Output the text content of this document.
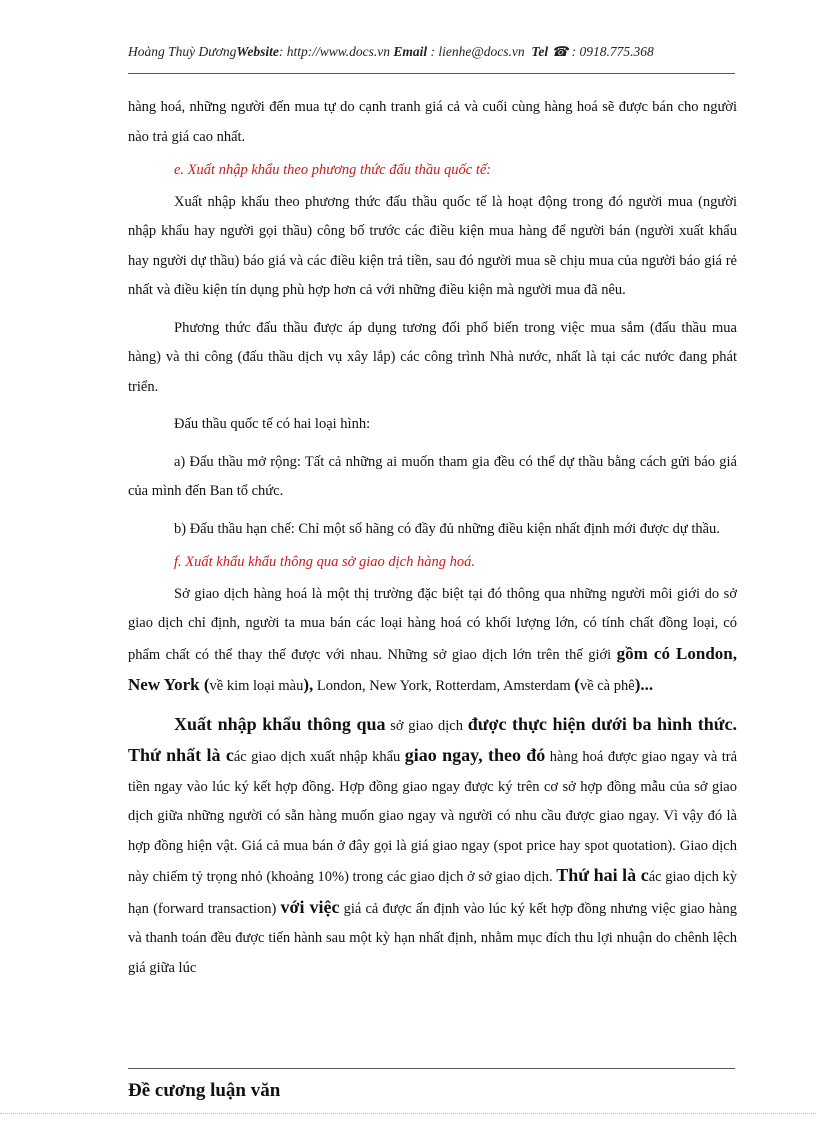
Hoàng Thuỳ DươngWebsite: http://www.docs.vn Email : lienhe@docs.vn Tel ☎ : 0918.775.368

hàng hoá, những người đến mua tự do cạnh tranh giá cả và cuối cùng hàng hoá sẽ được bán cho người nào trả giá cao nhất.

e. Xuất nhập khẩu theo phương thức đấu thầu quốc tế:

Xuất nhập khẩu theo phương thức đấu thầu quốc tế là hoạt động trong đó người mua (người nhập khẩu hay người gọi thầu) công bố trước các điều kiện mua hàng để người bán (người xuất khẩu hay người dự thầu) báo giá và các điều kiện trả tiền, sau đó người mua sẽ chịu mua của người báo giá rẻ nhất và điều kiện tín dụng phù hợp hơn cả với những điều kiện mà người mua đã nêu.

Phương thức đấu thầu được áp dụng tương đối phổ biến trong việc mua sắm (đấu thầu mua hàng) và thi công (đấu thầu dịch vụ xây lắp) các công trình Nhà nước, nhất là tại các nước đang phát triển.

Đấu thầu quốc tế có hai loại hình:

a) Đấu thầu mở rộng: Tất cả những ai muốn tham gia đều có thể dự thầu bằng cách gửi báo giá của mình đến Ban tổ chức.

b) Đấu thầu hạn chế: Chỉ một số hãng có đầy đủ những điều kiện nhất định mới được dự thầu.

f. Xuất khẩu khẩu thông qua sở giao dịch hàng hoá.

Sở giao dịch hàng hoá là một thị trường đặc biệt tại đó thông qua những người môi giới do sở giao dịch chỉ định, người ta mua bán các loại hàng hoá có khối lượng lớn, có tính chất đồng loại, có phẩm chất có thể thay thế được với nhau. Những sở giao dịch lớn trên thế giới gồm có London, New York (về kim loại màu), London, New York, Rotterdam, Amsterdam (về cà phê)...

Xuất nhập khẩu thông qua sở giao dịch được thực hiện dưới ba hình thức. Thứ nhất là các giao dịch xuất nhập khẩu giao ngay, theo đó hàng hoá được giao ngay và trả tiền ngay vào lúc ký kết hợp đồng. Hợp đồng giao ngay được ký trên cơ sở hợp đồng mẫu của sở giao dịch giữa những người có sẵn hàng muốn giao ngay và người có nhu cầu được giao ngay. Vì vậy đó là hợp đồng hiện vật. Giá cả mua bán ở đây gọi là giá giao ngay (spot price hay spot quotation). Giao dịch này chiếm tỷ trọng nhỏ (khoảng 10%) trong các giao dịch ở sở giao dịch. Thứ hai là các giao dịch kỳ hạn (forward transaction) với việc giá cả được ấn định vào lúc ký kết hợp đồng nhưng việc giao hàng và thanh toán đều được tiến hành sau một kỳ hạn nhất định, nhằm mục đích thu lợi nhuận do chênh lệch giá giữa lúc

Đề cương luận văn
